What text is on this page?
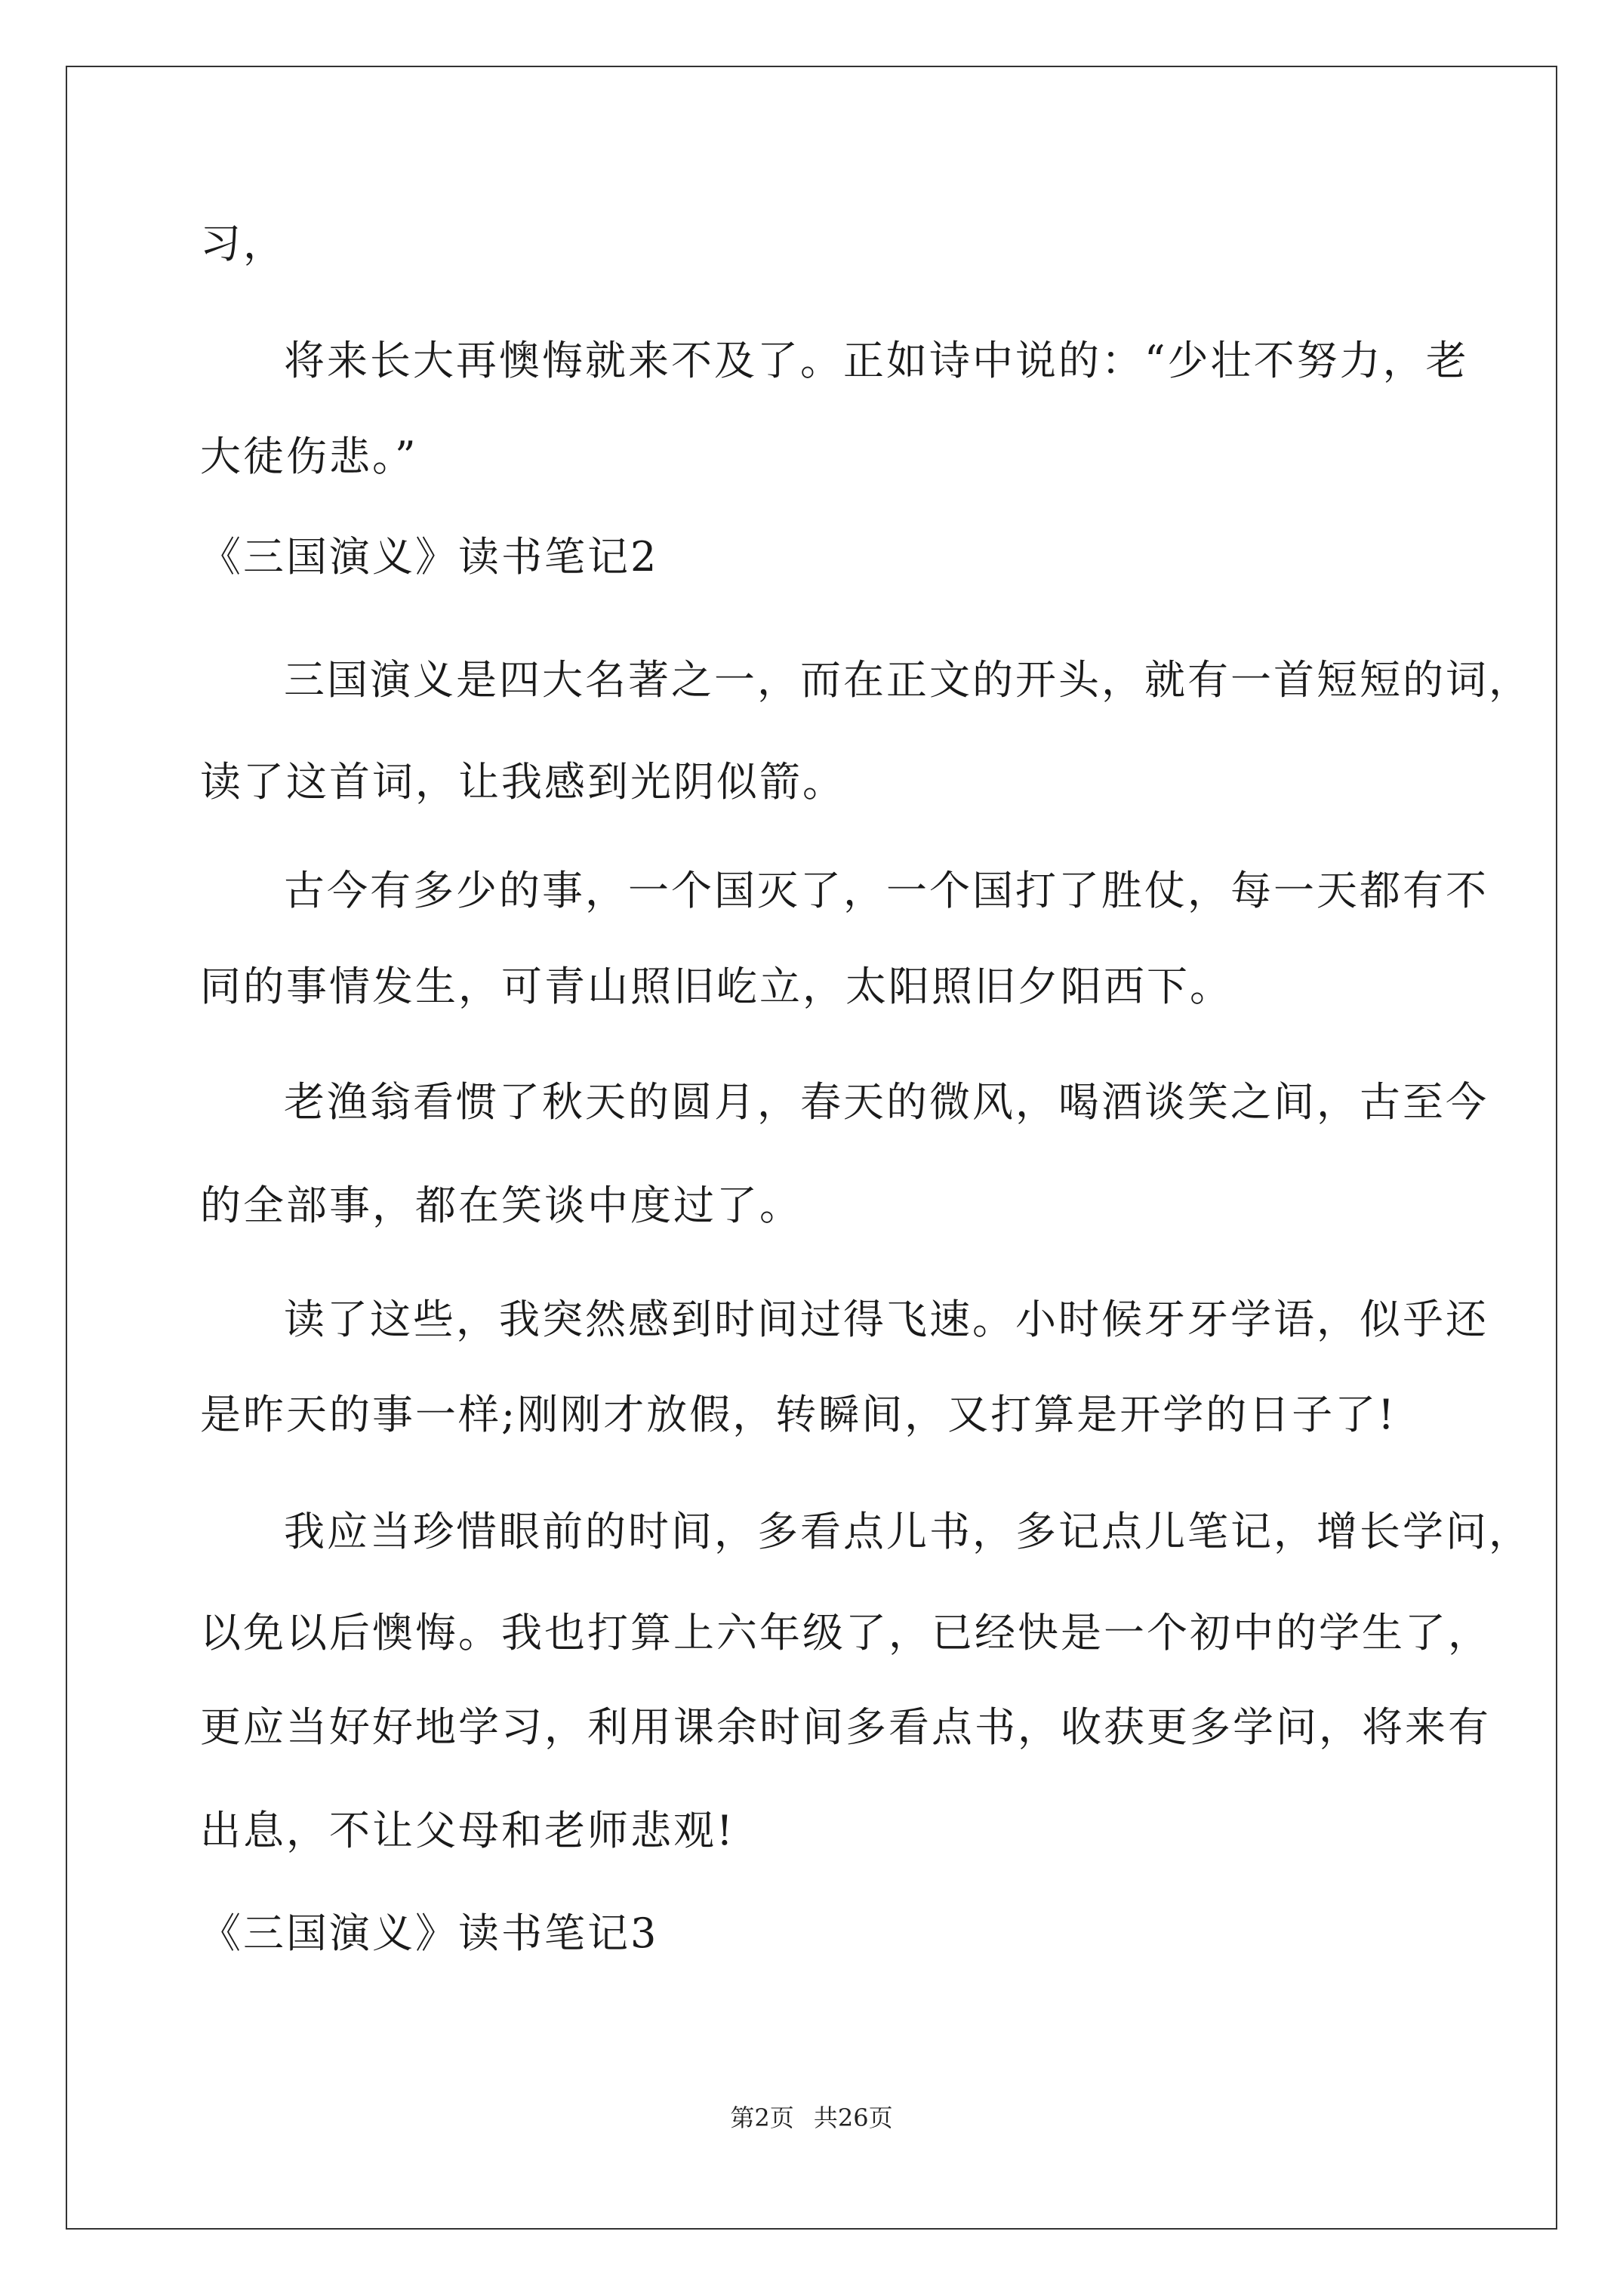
习，
将来长大再懊悔就来不及了。正如诗中说的：“少壮不努力，老
大徒伤悲。”
《三国演义》读书笔记2
三国演义是四大名著之一，而在正文的开头，就有一首短短的词，
读了这首词，让我感到光阴似箭。
古今有多少的事，一个国灭了，一个国打了胜仗，每一天都有不
同的事情发生，可青山照旧屹立，太阳照旧夕阳西下。
老渔翁看惯了秋天的圆月，春天的微风，喝酒谈笑之间，古至今
的全部事，都在笑谈中度过了。
读了这些，我突然感到时间过得飞速。小时候牙牙学语，似乎还
是昨天的事一样;刚刚才放假，转瞬间，又打算是开学的日子了!
我应当珍惜眼前的时间，多看点儿书，多记点儿笔记，增长学问，
以免以后懊悔。我也打算上六年级了，已经快是一个初中的学生了，
更应当好好地学习，利用课余时间多看点书，收获更多学问，将来有
出息，不让父母和老师悲观!
《三国演义》读书笔记3
第2页 共26页
